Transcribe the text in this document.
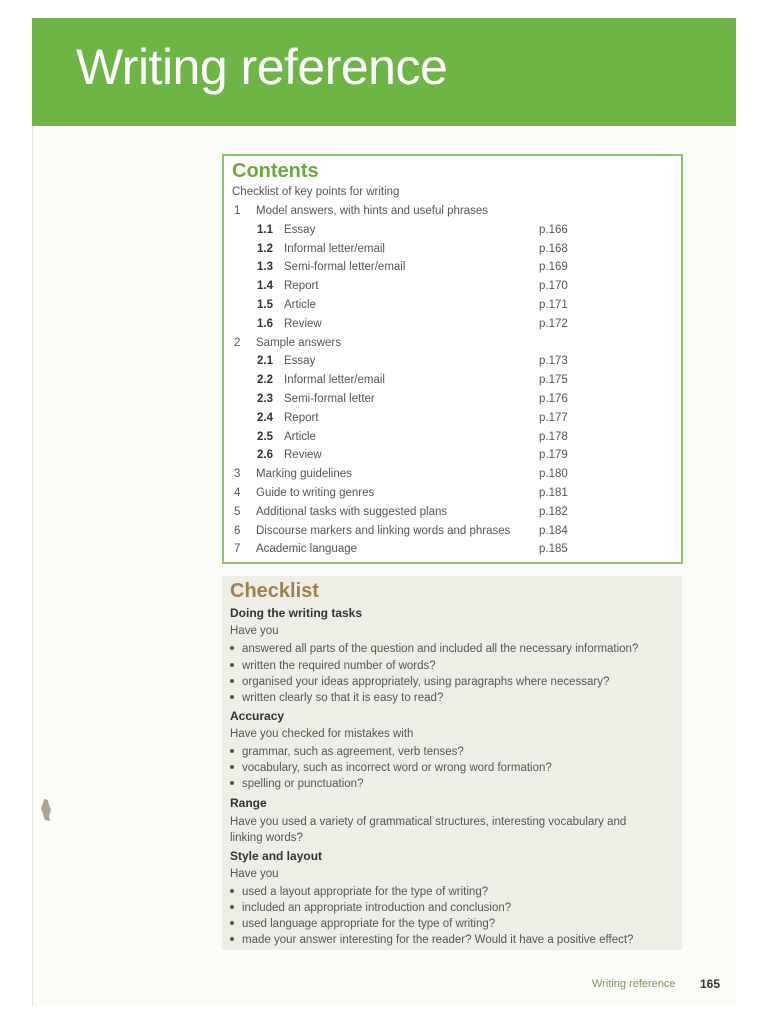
Writing reference
Contents
Checklist of key points for writing
1 Model answers, with hints and useful phrases
1.1 Essay	p.166
1.2 Informal letter/email	p.168
1.3 Semi-formal letter/email	p.169
1.4 Report	p.170
1.5 Article	p.171
1.6 Review	p.172
2 Sample answers
2.1 Essay	p.173
2.2 Informal letter/email	p.175
2.3 Semi-formal letter	p.176
2.4 Report	p.177
2.5 Article	p.178
2.6 Review	p.179
3 Marking guidelines	p.180
4 Guide to writing genres	p.181
5 Additional tasks with suggested plans	p.182
6 Discourse markers and linking words and phrases p.184
7 Academic language	p.185
Checklist
Doing the writing tasks
Have you
answered all parts of the question and included all the necessary information?
written the required number of words?
organised your ideas appropriately, using paragraphs where necessary?
written clearly so that it is easy to read?
Accuracy
Have you checked for mistakes with
grammar, such as agreement, verb tenses?
vocabulary, such as incorrect word or wrong word formation?
spelling or punctuation?
Range
Have you used a variety of grammatical structures, interesting vocabulary and linking words?
Style and layout
Have you
used a layout appropriate for the type of writing?
included an appropriate introduction and conclusion?
used language appropriate for the type of writing?
made your answer interesting for the reader? Would it have a positive effect?
Writing reference 165
